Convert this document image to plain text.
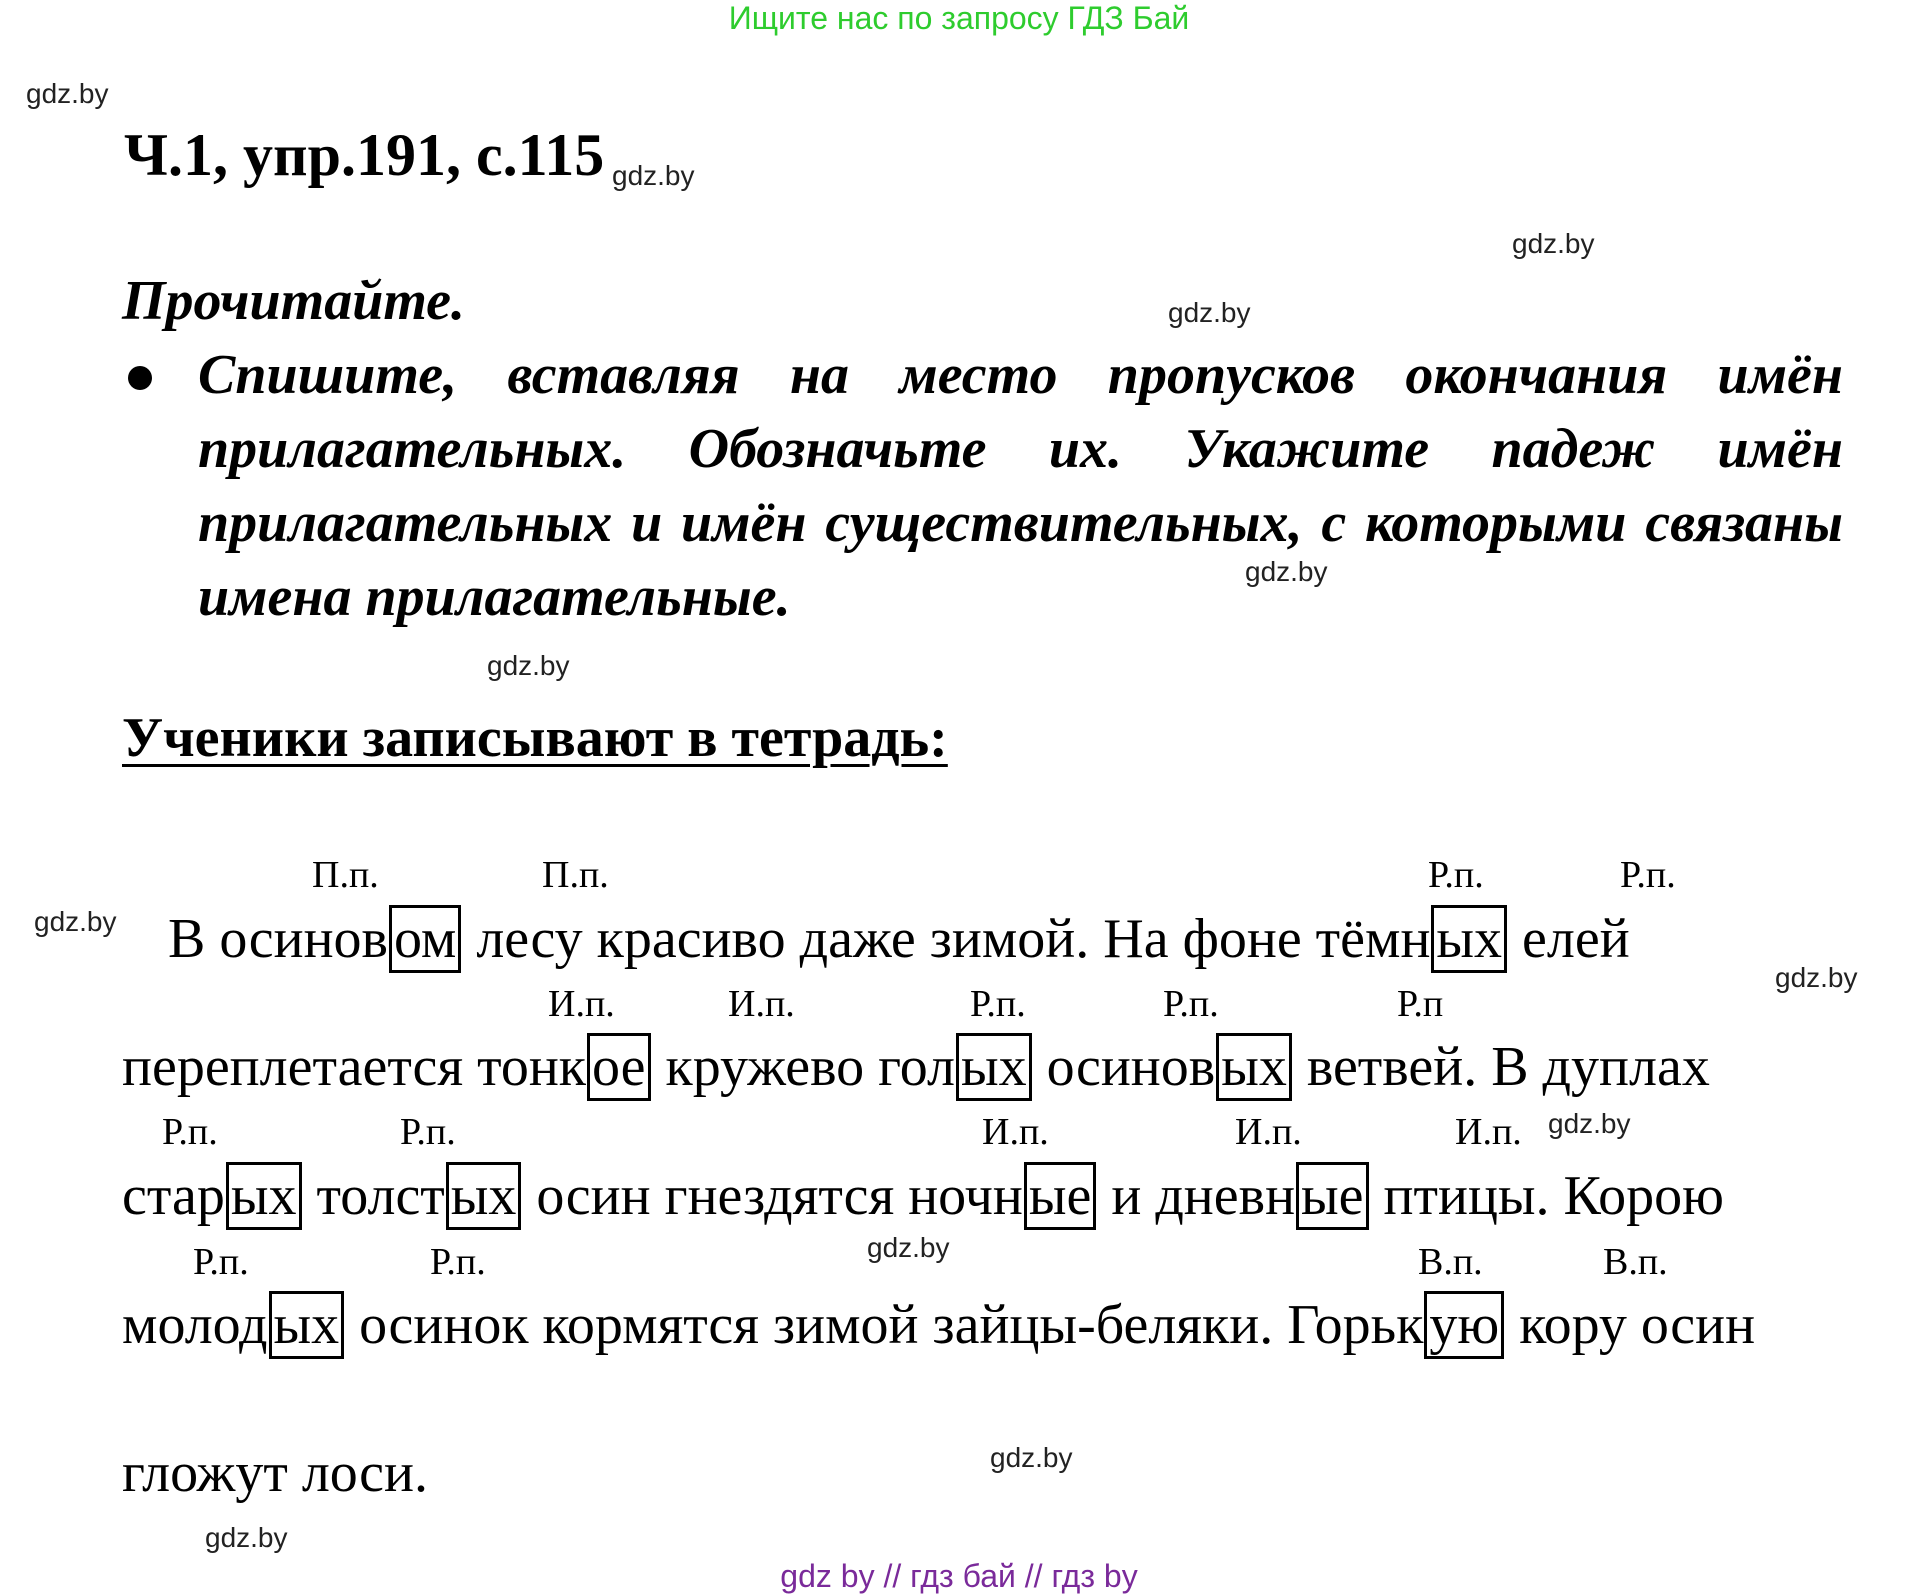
Ищите нас по запросу ГДЗ Бай
gdz.by
gdz.by
gdz.by
gdz.by
gdz.by
gdz.by
gdz.by
gdz.by
gdz.by
gdz.by
gdz.by
gdz.by
Ч.1, упр.191, с.115
Прочитайте.
Спишите, вставляя на место пропусков окончания имён прилагательных. Обозначьте их. Укажите падеж имён прилагательных и имён существительных, с которыми связаны имена прилагательные.
Ученики записывают в тетрадь:
В осинов ом лесу красиво даже зимой. На фоне тёмн ых елей
П.п.	П.п.	Р.п.	Р.п.
переплетается тонк ое кружево гол ых осинов ых ветвей. В дуплах
И.п.	И.п.	Р.п.	Р.п.	Р.п
стар ых толст ых осин гнездятся ночн ые и дневн ые птицы. Корою
Р.п.	Р.п.	И.п.	И.п.	И.п.
молод ых осинок кормятся зимой зайцы-беляки. Горьк ую кору осин
Р.п.	Р.п.	В.п.	В.п.
гложут лоси.
gdz by // гдз бай // гдз by
